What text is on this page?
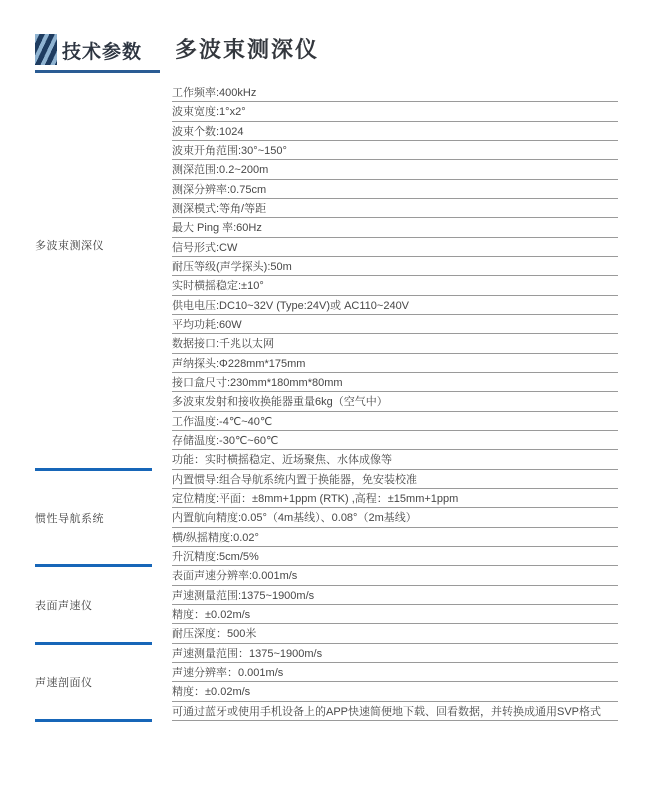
技术参数 多波束测深仪
多波束测深仪
工作频率:400kHz
波束宽度:1°x2°
波束个数:1024
波束开角范围:30°~150°
测深范围:0.2~200m
测深分辨率:0.75cm
测深模式:等角/等距
最大 Ping 率:60Hz
信号形式:CW
耐压等级(声学探头):50m
实时横摇稳定:±10°
供电电压:DC10~32V (Type:24V)或 AC110~240V
平均功耗:60W
数据接口:千兆以太网
声纳探头:Φ228mm*175mm
接口盒尺寸:230mm*180mm*80mm
多波束发射和接收换能器重量6kg（空气中）
工作温度:-4℃~40℃
存储温度:-30℃~60℃
功能：实时横摇稳定、近场聚焦、水体成像等
惯性导航系统
内置惯导:组合导航系统内置于换能器，免安装校准
定位精度:平面：±8mm+1ppm (RTK) ,高程：±15mm+1ppm
内置航向精度:0.05°（4m基线）、0.08°（2m基线）
横/纵摇精度:0.02°
升沉精度:5cm/5%
表面声速仪
表面声速分辨率:0.001m/s
声速测量范围:1375~1900m/s
精度：±0.02m/s
耐压深度：500米
声速剖面仪
声速测量范围：1375~1900m/s
声速分辨率：0.001m/s
精度：±0.02m/s
可通过蓝牙或使用手机设备上的APP快速简便地下载、回看数据，并转换成通用SVP格式
